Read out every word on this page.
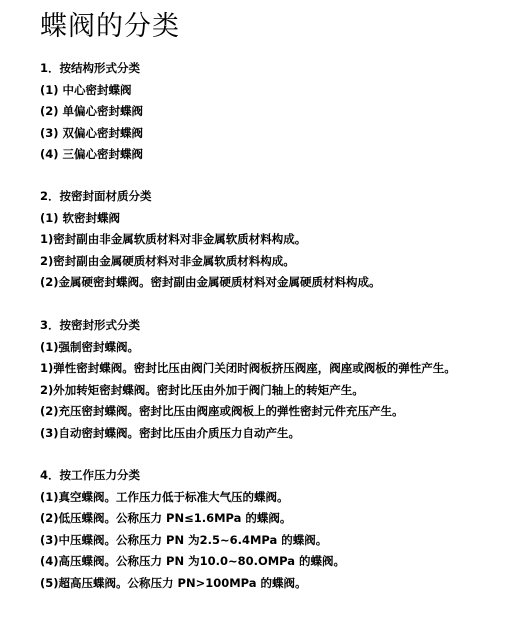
蝶阀的分类
1．按结构形式分类
(1) 中心密封蝶阀
(2) 单偏心密封蝶阀
(3) 双偏心密封蝶阀
(4) 三偏心密封蝶阀
2．按密封面材质分类
(1) 软密封蝶阀
1)密封副由非金属软质材料对非金属软质材料构成。
2)密封副由金属硬质材料对非金属软质材料构成。
(2)金属硬密封蝶阀。密封副由金属硬质材料对金属硬质材料构成。
3．按密封形式分类
(1)强制密封蝶阀。
1)弹性密封蝶阀。密封比压由阀门关闭时阀板挤压阀座，阀座或阀板的弹性产生。
2)外加转矩密封蝶阀。密封比压由外加于阀门轴上的转矩产生。
(2)充压密封蝶阀。密封比压由阀座或阀板上的弹性密封元件充压产生。
(3)自动密封蝶阀。密封比压由介质压力自动产生。
4．按工作压力分类
(1)真空蝶阀。工作压力低于标准大气压的蝶阀。
(2)低压蝶阀。公称压力 PN≤1.6MPa 的蝶阀。
(3)中压蝶阀。公称压力 PN 为2.5~6.4MPa 的蝶阀。
(4)高压蝶阀。公称压力 PN 为10.0~80.OMPa 的蝶阀。
(5)超高压蝶阀。公称压力 PN>100MPa 的蝶阀。
